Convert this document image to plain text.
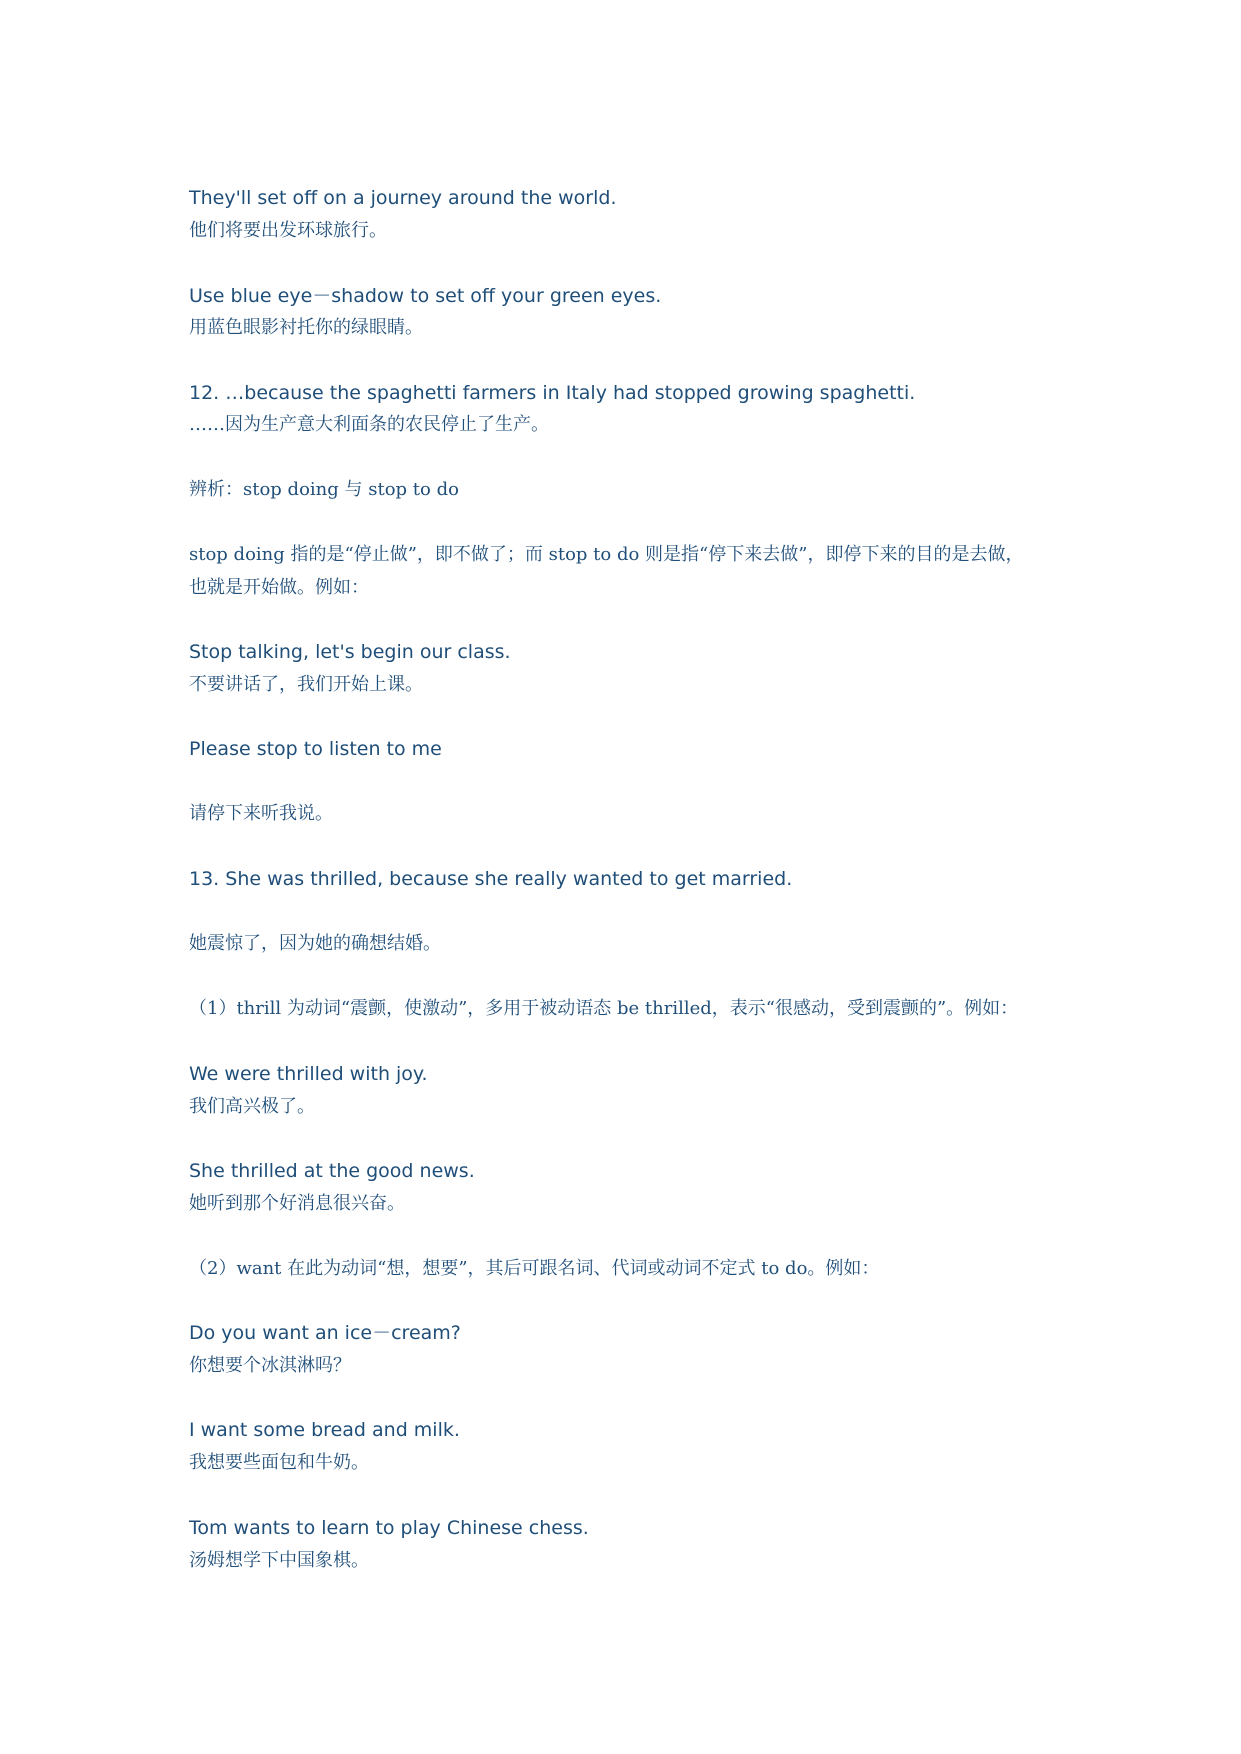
They'll set off on a journey around the world.
他们将要出发环球旅行。
Use blue eye－shadow to set off your green eyes.
用蓝色眼影衬托你的绿眼睛。
12. …because the spaghetti farmers in Italy had stopped growing spaghetti.
……因为生产意大利面条的农民停止了生产。
辨析：stop doing 与 stop to do
stop doing 指的是“停止做”，即不做了；而 stop to do 则是指“停下来去做”，即停下来的目的是去做，
也就是开始做。例如：
Stop talking, let's begin our class.
不要讲话了，我们开始上课。
Please stop to listen to me
请停下来听我说。
13. She was thrilled, because she really wanted to get married.
她震惊了，因为她的确想结婚。
（1）thrill 为动词“震颤，使激动”，多用于被动语态 be thrilled，表示“很感动，受到震颤的”。例如：
We were thrilled with joy.
我们高兴极了。
She thrilled at the good news.
她听到那个好消息很兴奋。
（2）want 在此为动词“想，想要”，其后可跟名词、代词或动词不定式 to do。例如：
Do you want an ice－cream?
你想要个冰淇淋吗？
I want some bread and milk.
我想要些面包和牛奶。
Tom wants to learn to play Chinese chess.
汤姆想学下中国象棋。
